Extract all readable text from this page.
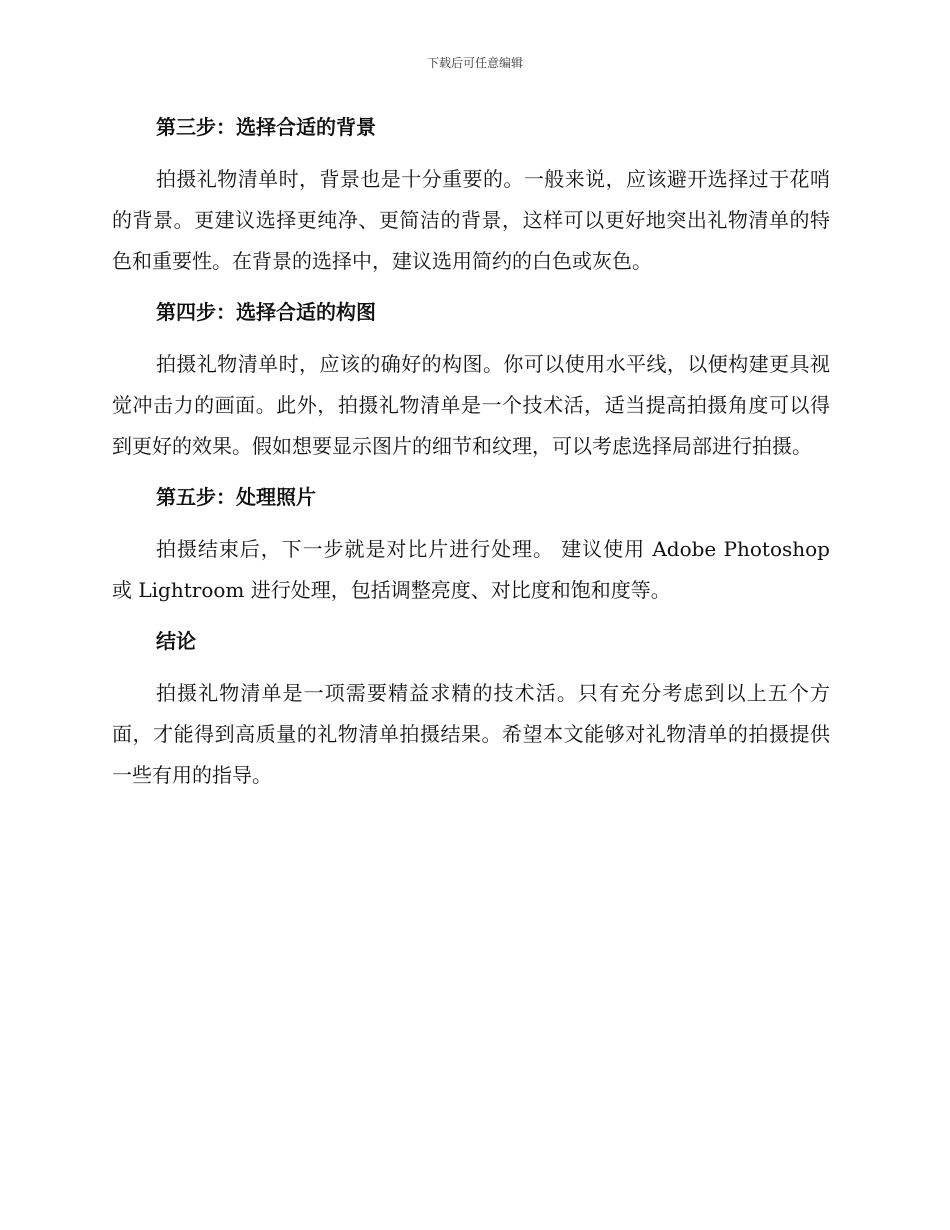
下载后可任意编辑
第三步：选择合适的背景

拍摄礼物清单时，背景也是十分重要的。一般来说，应该避开选择过于花哨的背景。更建议选择更纯净、更简洁的背景，这样可以更好地突出礼物清单的特色和重要性。在背景的选择中，建议选用简约的白色或灰色。

第四步：选择合适的构图

拍摄礼物清单时，应该的确好的构图。你可以使用水平线，以便构建更具视觉冲击力的画面。此外，拍摄礼物清单是一个技术活，适当提高拍摄角度可以得到更好的效果。假如想要显示图片的细节和纹理，可以考虑选择局部进行拍摄。

第五步：处理照片

拍摄结束后，下一步就是对比片进行处理。 建议使用 Adobe Photoshop 或 Lightroom 进行处理，包括调整亮度、对比度和饱和度等。

结论

拍摄礼物清单是一项需要精益求精的技术活。只有充分考虑到以上五个方面，才能得到高质量的礼物清单拍摄结果。希望本文能够对礼物清单的拍摄提供一些有用的指导。
